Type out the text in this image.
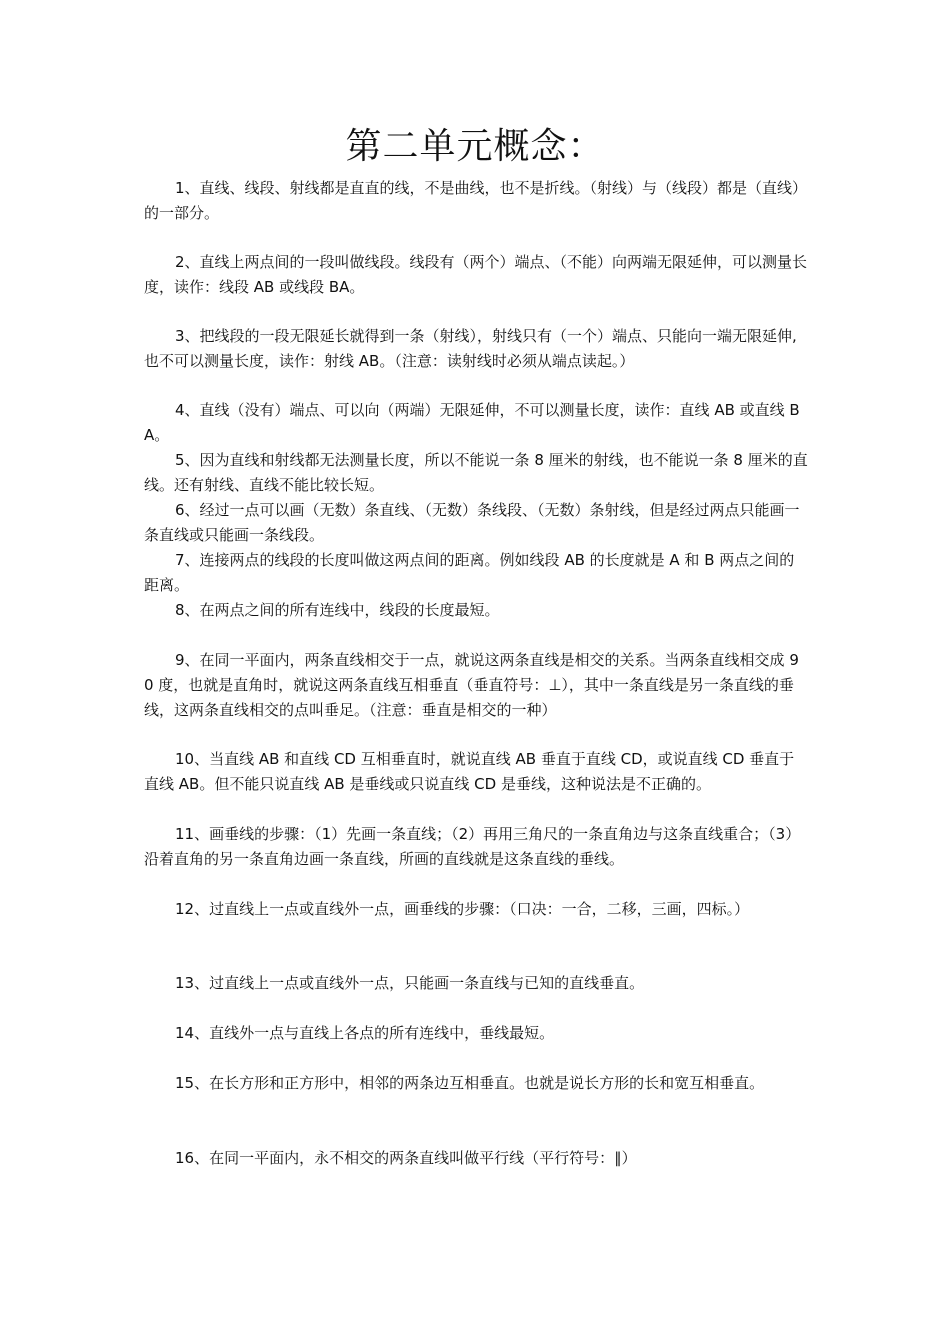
第二单元概念：

1、直线、线段、射线都是直直的线，不是曲线，也不是折线。（射线）与（线段）都是（直线）的一部分。

2、直线上两点间的一段叫做线段。线段有（两个）端点、（不能）向两端无限延伸，可以测量长度，读作：线段 AB 或线段 BA。

3、把线段的一段无限延长就得到一条（射线），射线只有（一个）端点、只能向一端无限延伸,也不可以测量长度，读作：射线 AB。（注意：读射线时必须从端点读起。）

4、直线（没有）端点、可以向（两端）无限延伸，不可以测量长度，读作：直线 AB 或直线 BA。

5、因为直线和射线都无法测量长度，所以不能说一条 8 厘米的射线，也不能说一条 8 厘米的直线。还有射线、直线不能比较长短。

6、经过一点可以画（无数）条直线、（无数）条线段、（无数）条射线，但是经过两点只能画一条直线或只能画一条线段。

7、连接两点的线段的长度叫做这两点间的距离。例如线段 AB 的长度就是 A 和 B 两点之间的距离。

8、在两点之间的所有连线中，线段的长度最短。

9、在同一平面内，两条直线相交于一点，就说这两条直线是相交的关系。当两条直线相交成 90 度，也就是直角时，就说这两条直线互相垂直（垂直符号：⊥），其中一条直线是另一条直线的垂线，这两条直线相交的点叫垂足。（注意：垂直是相交的一种）

10、当直线 AB 和直线 CD 互相垂直时，就说直线 AB 垂直于直线 CD，或说直线 CD 垂直于直线 AB。但不能只说直线 AB 是垂线或只说直线 CD 是垂线，这种说法是不正确的。

11、画垂线的步骤：（1）先画一条直线；（2）再用三角尺的一条直角边与这条直线重合；（3）沿着直角的另一条直角边画一条直线，所画的直线就是这条直线的垂线。

12、过直线上一点或直线外一点，画垂线的步骤：（口决：一合，二移，三画，四标。）

13、过直线上一点或直线外一点，只能画一条直线与已知的直线垂直。

14、直线外一点与直线上各点的所有连线中，垂线最短。

15、在长方形和正方形中，相邻的两条边互相垂直。也就是说长方形的长和宽互相垂直。

16、在同一平面内，永不相交的两条直线叫做平行线（平行符号：∥）
